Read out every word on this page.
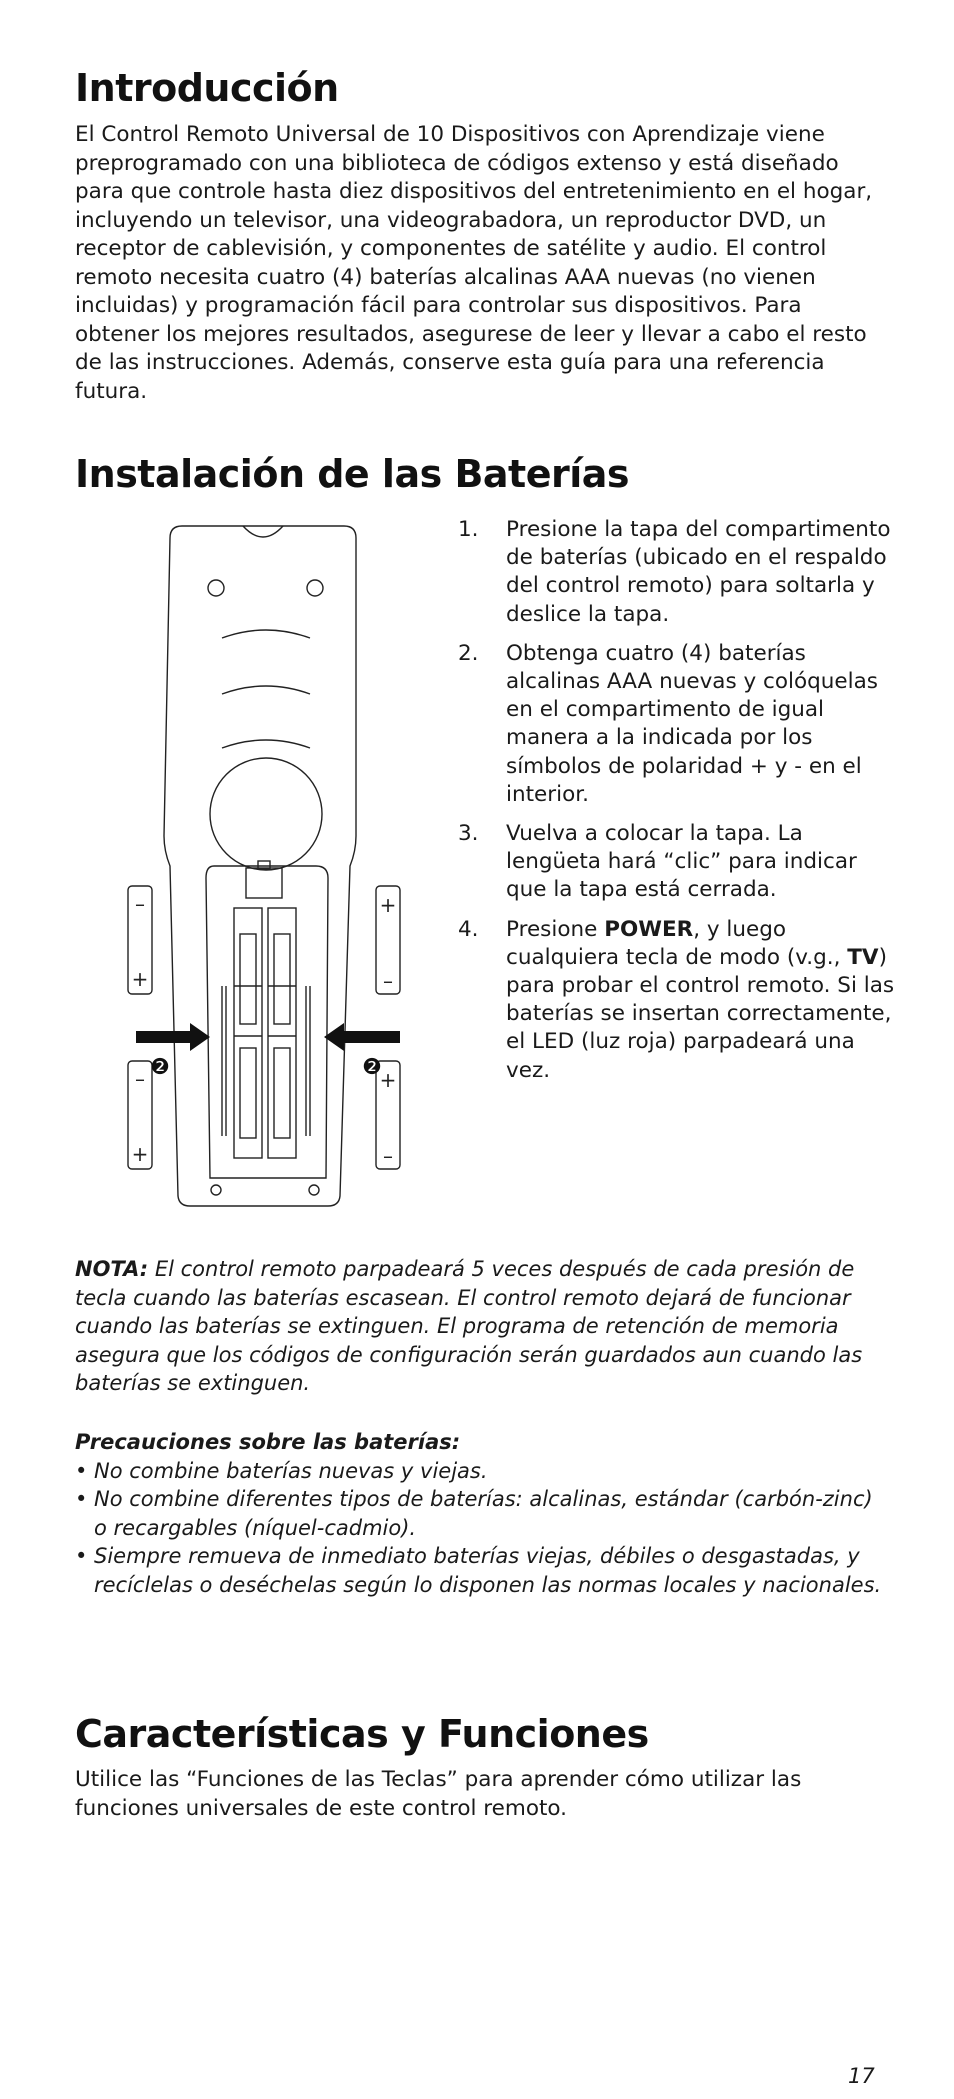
Introducción

El Control Remoto Universal de 10 Dispositivos con Aprendizaje viene preprogramado con una biblioteca de códigos extenso y está diseñado para que controle hasta diez dispositivos del entretenimiento en el hogar, incluyendo un televisor, una videograbadora, un reproductor DVD, un receptor de cablevisión, y componentes de satélite y audio. El control remoto necesita cuatro (4) baterías alcalinas AAA nuevas (no vienen incluidas) y programación fácil para controlar sus dispositivos. Para obtener los mejores resultados, asegurese de leer y llevar a cabo el resto de las instrucciones. Además, conserve esta guía para una referencia futura.

Instalación de las Baterías
–
+
–
+
+
–
+
–
❷	❷
1. Presione la tapa del compartimento de baterías (ubicado en el respaldo del control remoto) para soltarla y deslice la tapa.
2. Obtenga cuatro (4) baterías alcalinas AAA nuevas y colóquelas en el compartimento de igual manera a la indicada por los símbolos de polaridad + y - en el interior.
3. Vuelva a colocar la tapa. La lengüeta hará “clic” para indicar que la tapa está cerrada.
4. Presione POWER, y luego cualquiera tecla de modo (v.g., TV) para probar el control remoto. Si las baterías se insertan correctamente, el LED (luz roja) parpadeará una vez.

NOTA: El control remoto parpadeará 5 veces después de cada presión de tecla cuando las baterías escasean. El control remoto dejará de funcionar cuando las baterías se extinguen. El programa de retención de memoria asegura que los códigos de configuración serán guardados aun cuando las baterías se extinguen.

Precauciones sobre las baterías:
• No combine baterías nuevas y viejas.
• No combine diferentes tipos de baterías: alcalinas, estándar (carbón-zinc) o recargables (níquel-cadmio).
• Siempre remueva de inmediato baterías viejas, débiles o desgastadas, y recíclelas o deséchelas según lo disponen las normas locales y nacionales.
Características y Funciones

Utilice las “Funciones de las Teclas” para aprender cómo utilizar las funciones universales de este control remoto.

17
